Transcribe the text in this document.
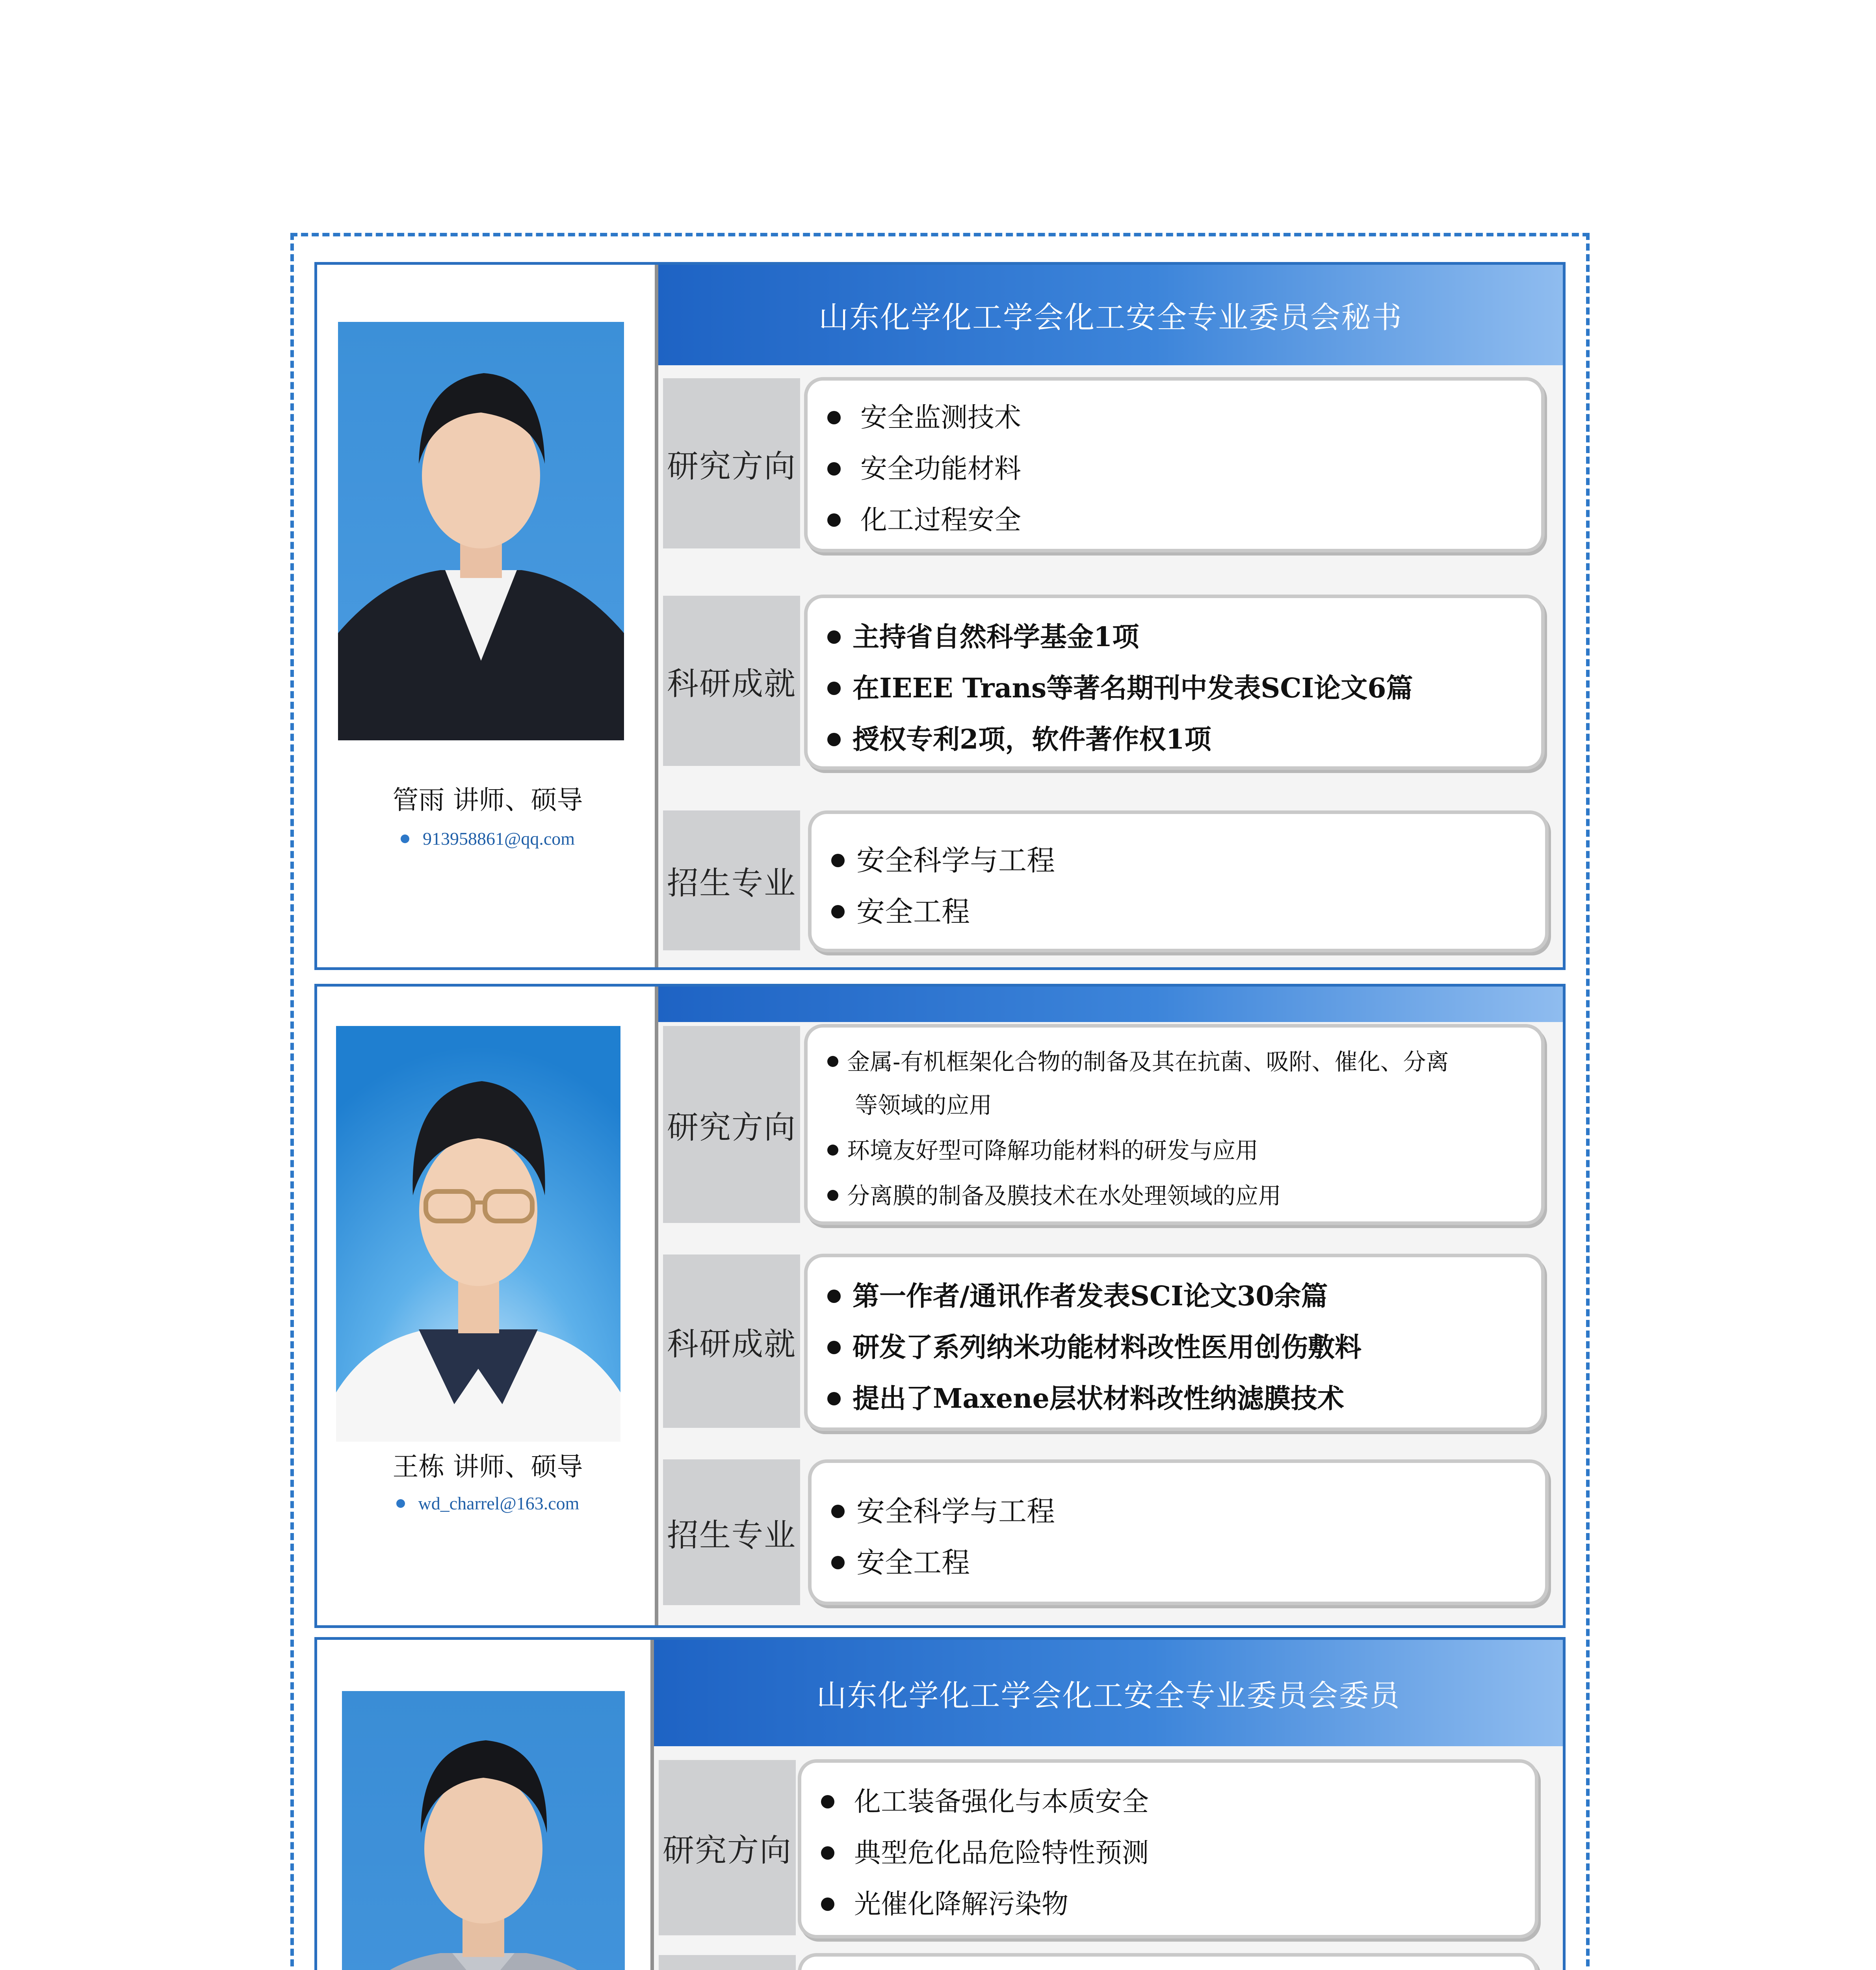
管雨 讲师、硕导
913958861@qq.com
山东化学化工学会化工安全专业委员会秘书
研究方向
安全监测技术
安全功能材料
化工过程安全
科研成就
主持省自然科学基金1项
在IEEE Trans等著名期刊中发表SCI论文6篇
授权专利2项，软件著作权1项
招生专业
安全科学与工程
安全工程
王栋 讲师、硕导
wd_charrel@163.com
研究方向
金属-有机框架化合物的制备及其在抗菌、吸附、催化、分离
等领域的应用
环境友好型可降解功能材料的研发与应用
分离膜的制备及膜技术在水处理领域的应用
科研成就
第一作者/通讯作者发表SCI论文30余篇
研发了系列纳米功能材料改性医用创伤敷料
提出了Maxene层状材料改性纳滤膜技术
招生专业
安全科学与工程
安全工程
山东化学化工学会化工安全专业委员会委员
研究方向
化工装备强化与本质安全
典型危化品危险特性预测
光催化降解污染物
